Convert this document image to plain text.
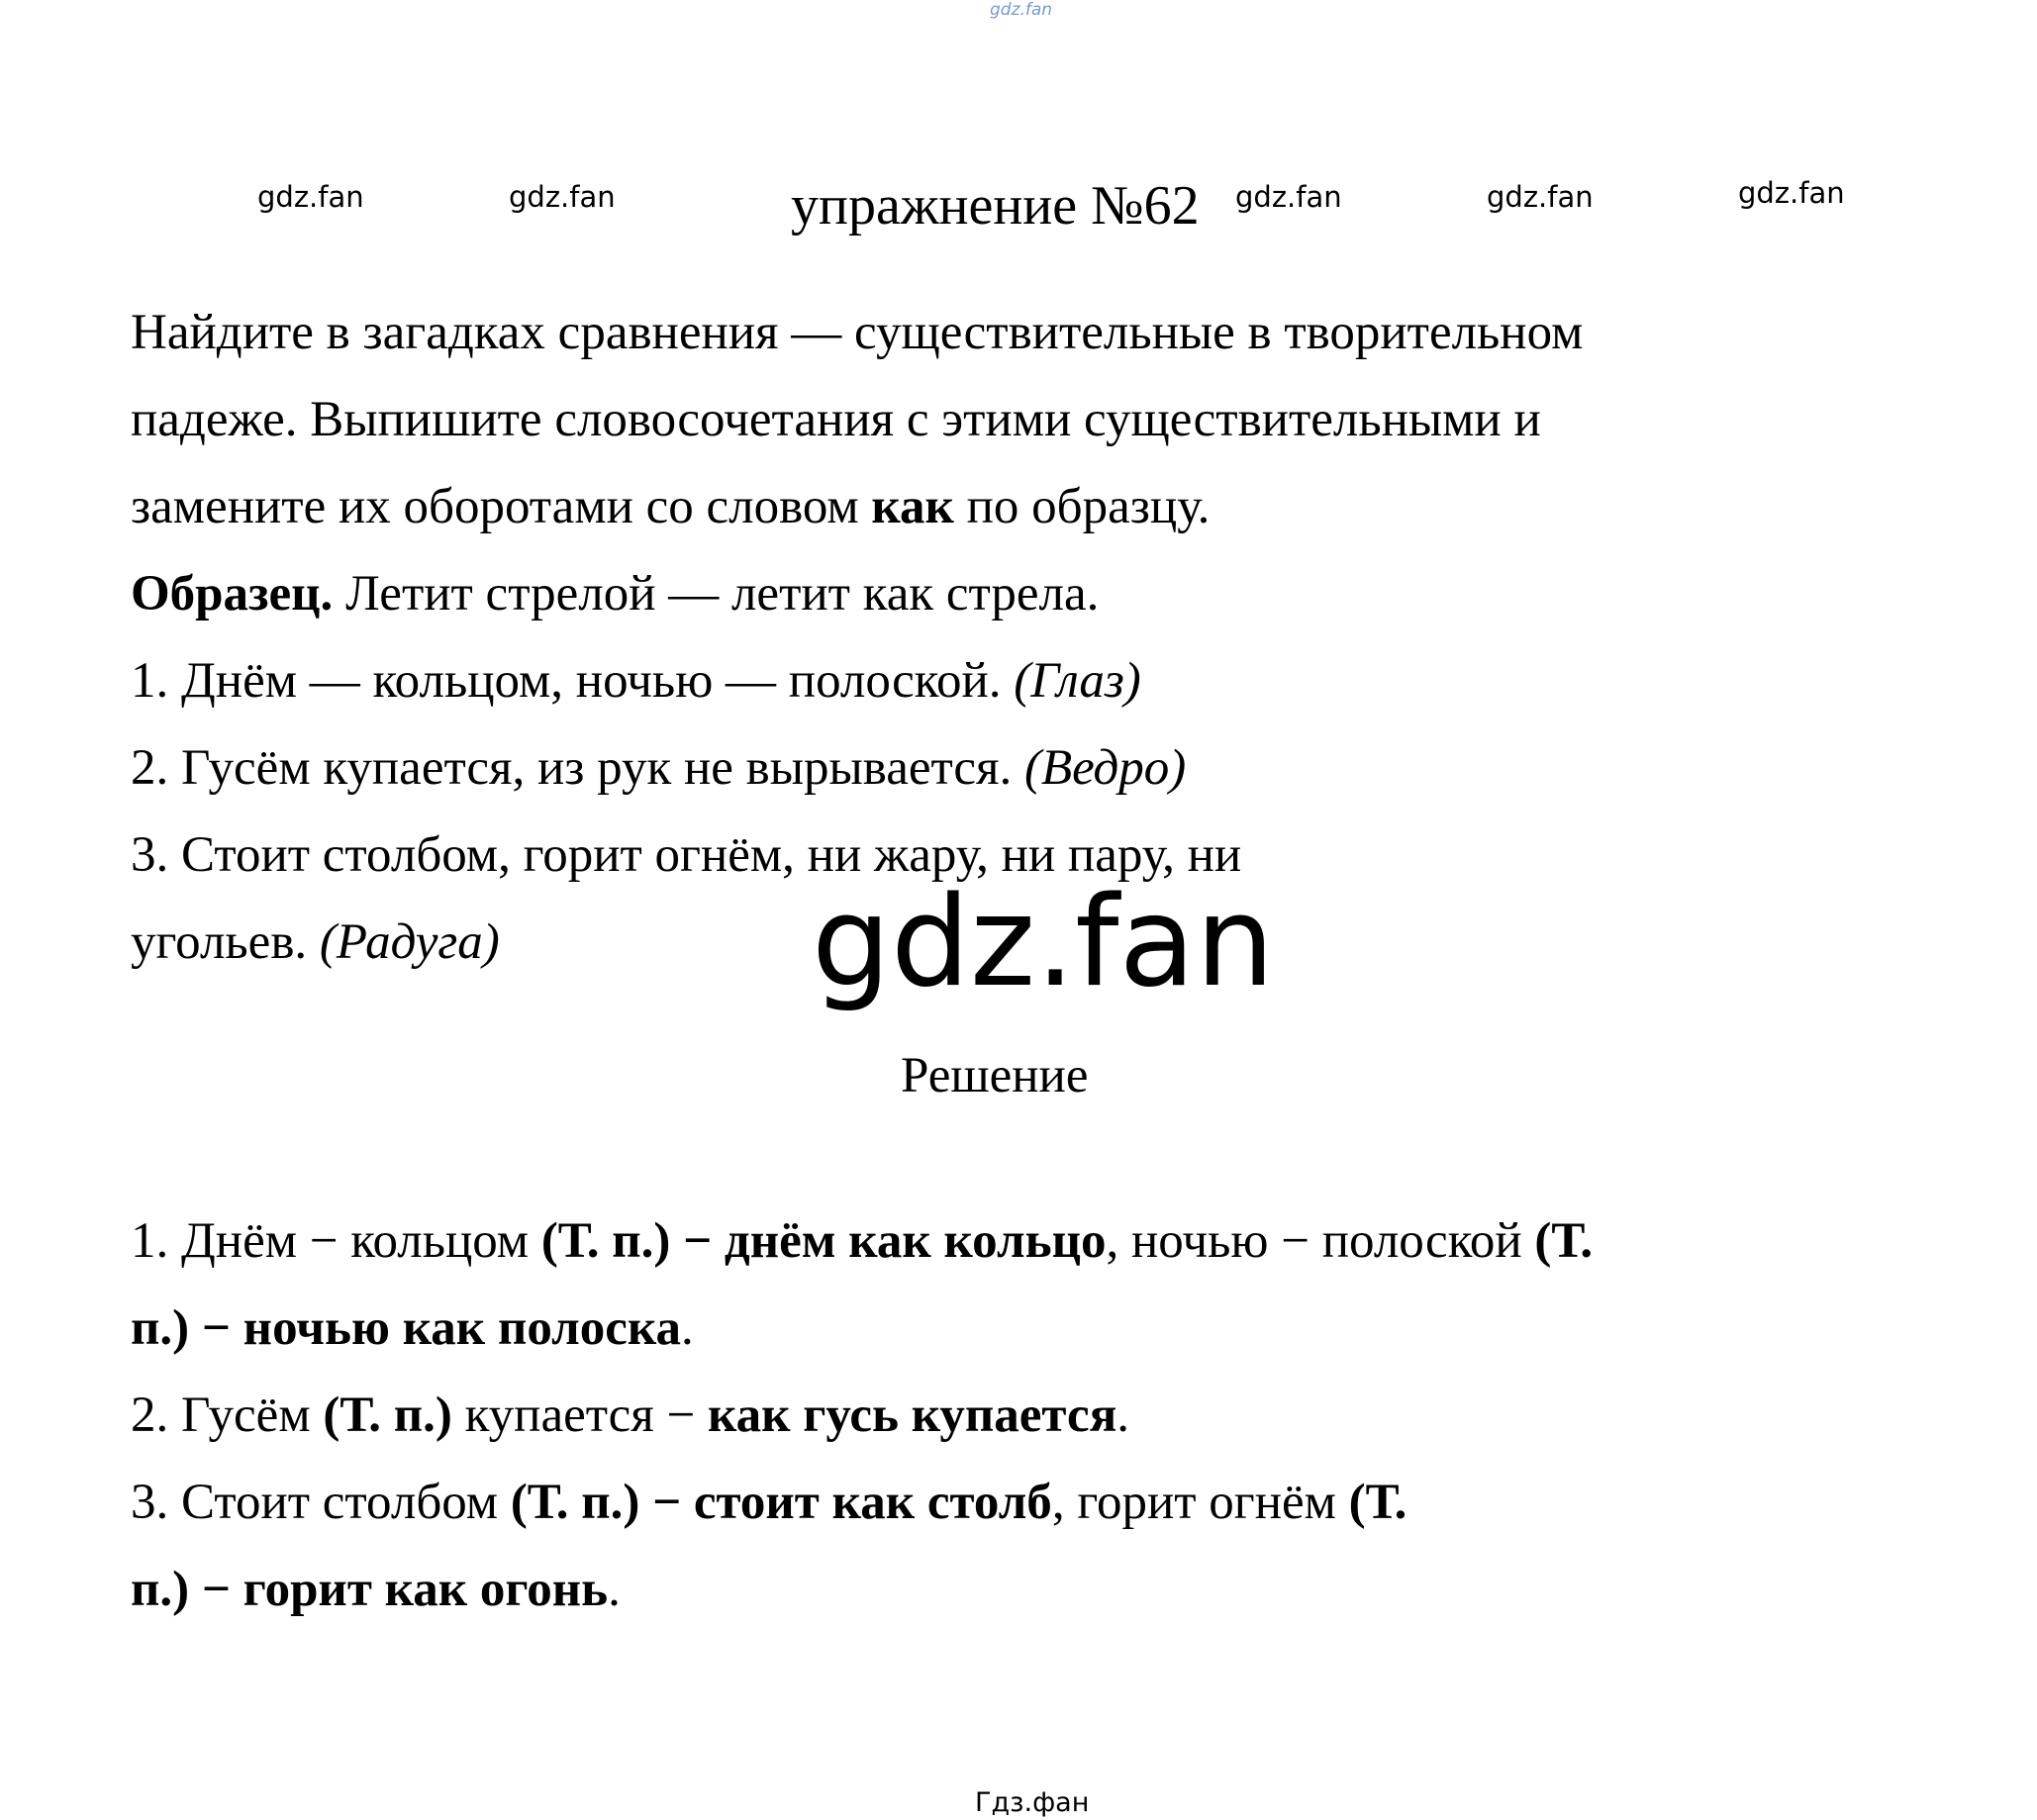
gdz.fan
gdz.fan	gdz.fan	gdz.fan	gdz.fan	gdz.fan
упражнение №62
Найдите в загадках сравнения — существительные в творительном
падеже. Выпишите словосочетания с этими существительными и
замените их оборотами со словом как по образцу.
Образец. Летит стрелой — летит как стрела.
1. Днём — кольцом, ночью — полоской. (Глаз)
2. Гусём купается, из рук не вырывается. (Ведро)
3. Стоит столбом, горит огнём, ни жару, ни пару, ни
угольев. (Радуга)	gdz.fan
Решение
1. Днём − кольцом (Т. п.) − днём как кольцо, ночью − полоской (Т.
п.) − ночью как полоска.
2. Гусём (Т. п.) купается − как гусь купается.
3. Стоит столбом (Т. п.) − стоит как столб, горит огнём (Т.
п.) − горит как огонь.
Гдз.фан
